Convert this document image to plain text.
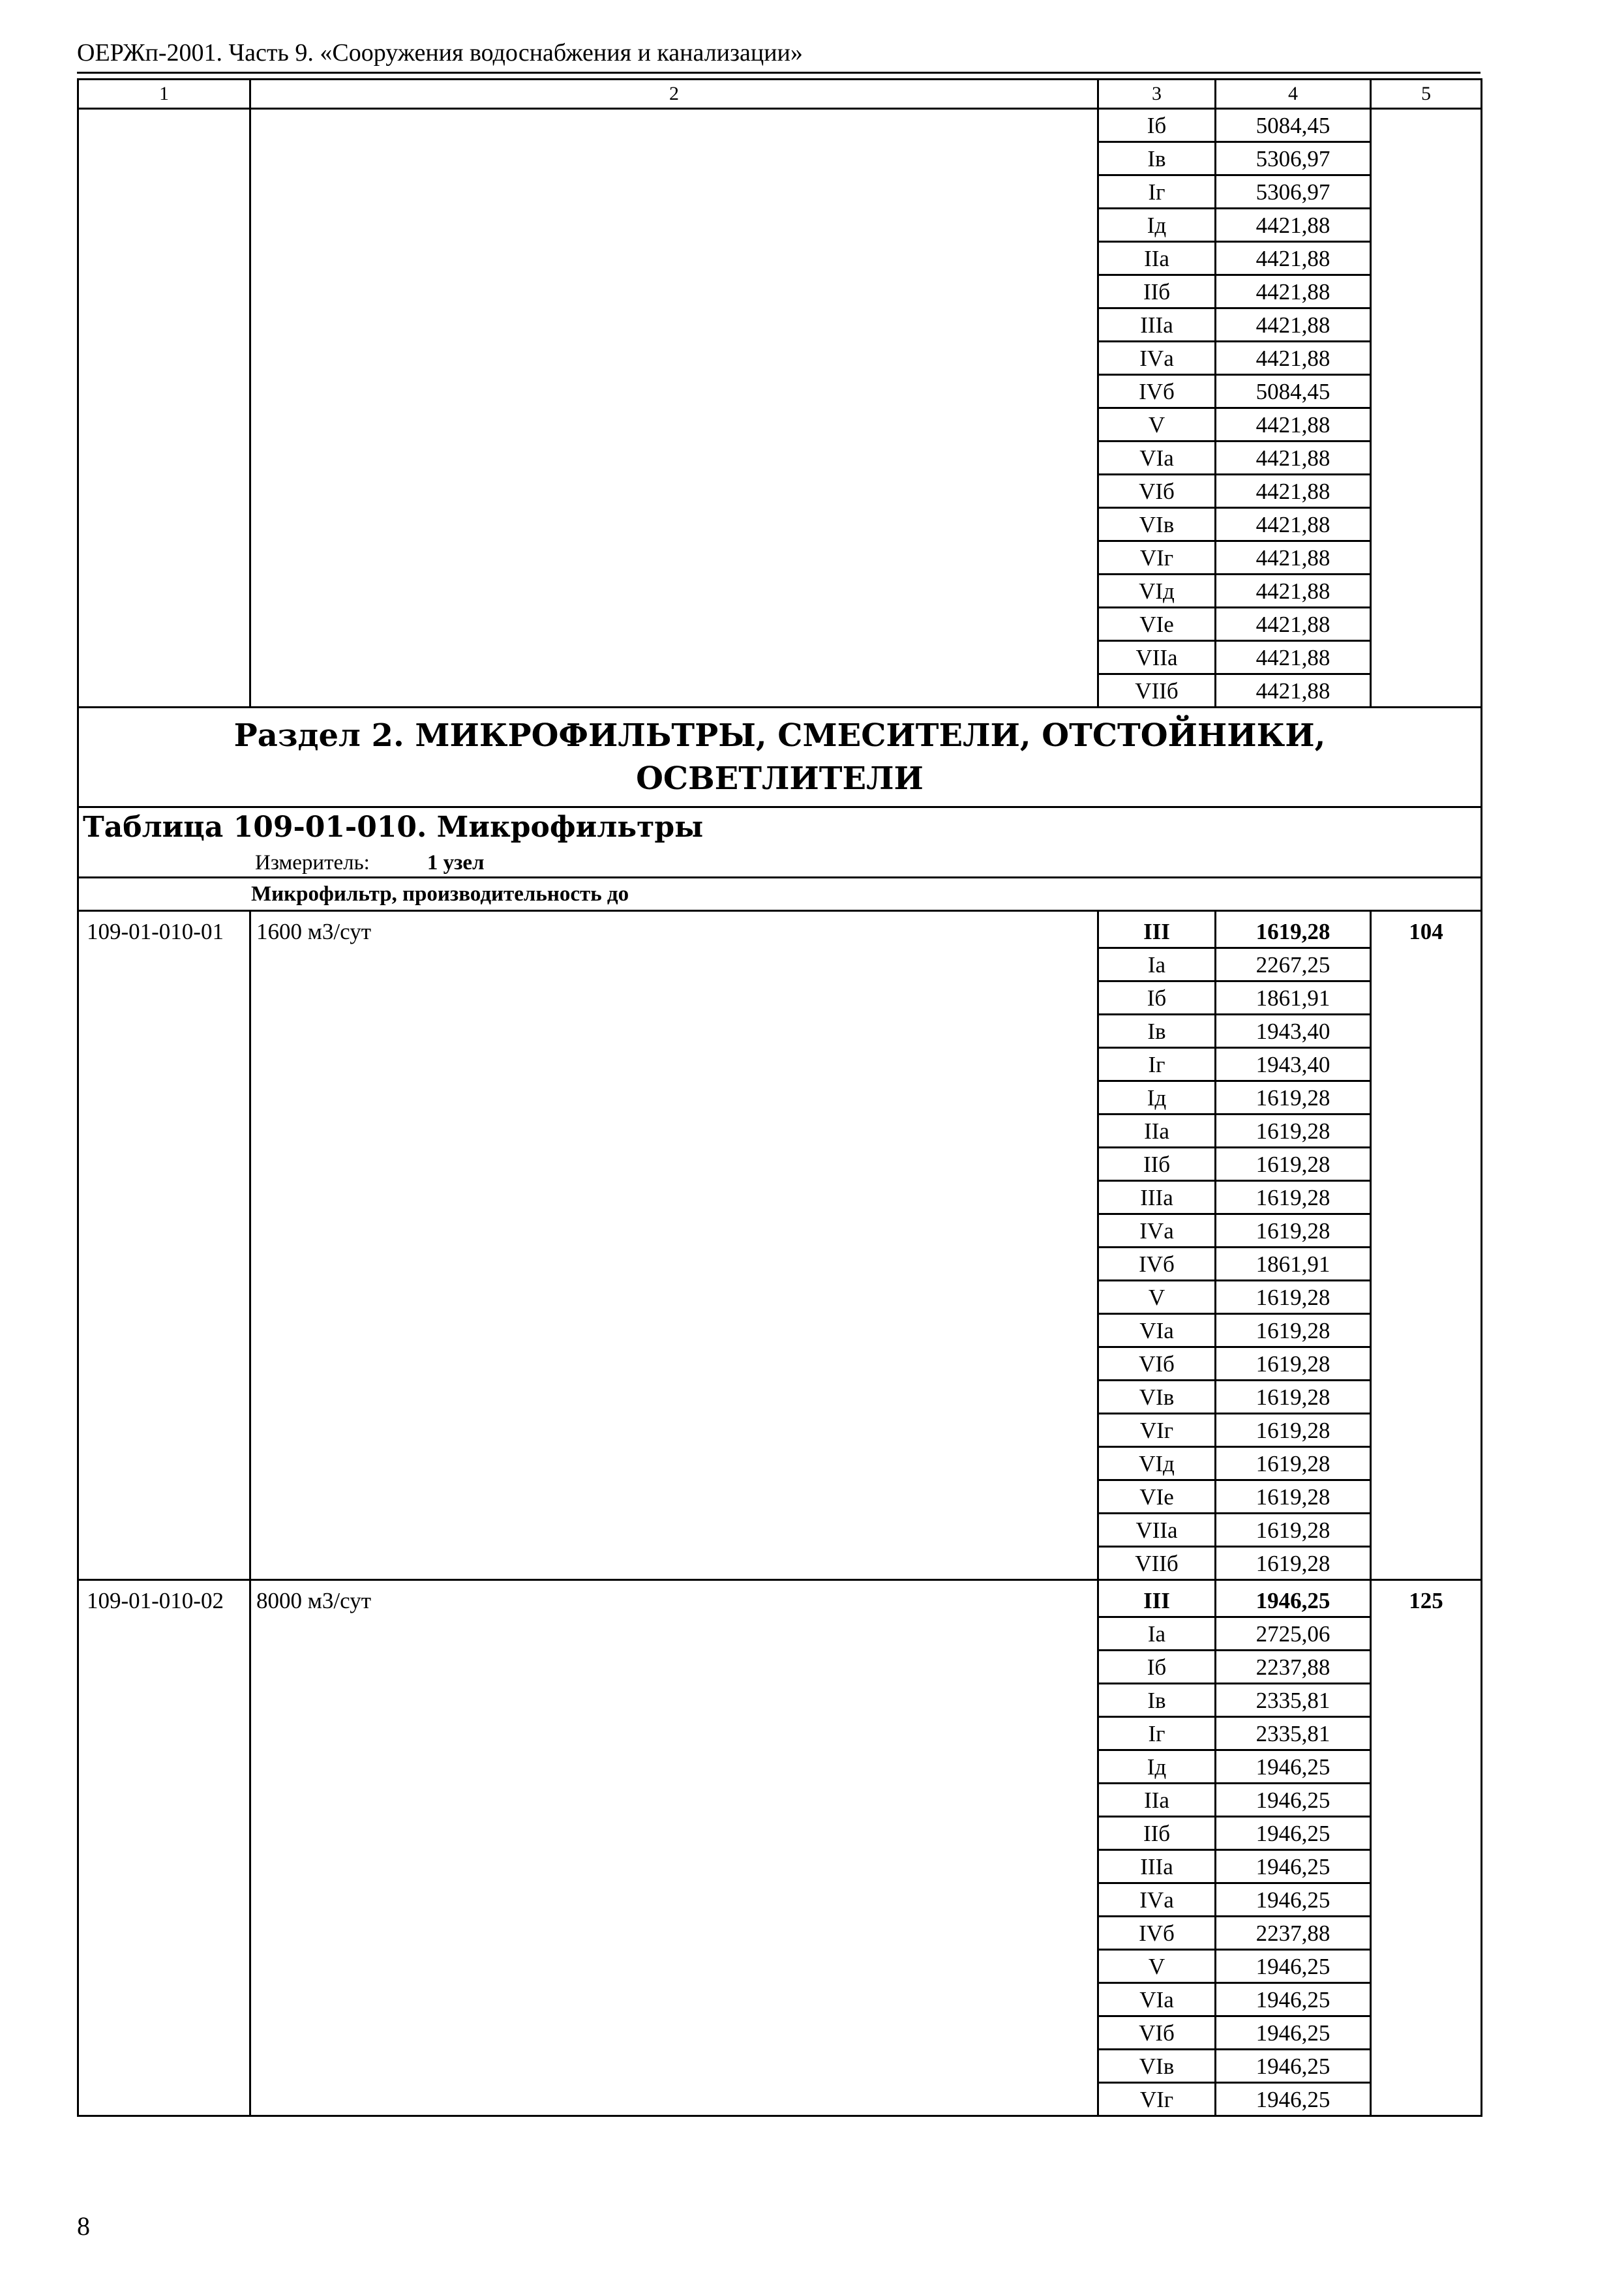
ОЕРЖп-2001. Часть 9. «Сооружения водоснабжения и канализации»
1	2	3	4	5
		Iб	5084,45	
		Iв	5306,97	
		Iг	5306,97	
		Iд	4421,88	
		IIа	4421,88	
		IIб	4421,88	
		IIIа	4421,88	
		IVа	4421,88	
		IVб	5084,45	
		V	4421,88	
		VIа	4421,88	
		VIб	4421,88	
		VIв	4421,88	
		VIг	4421,88	
		VIд	4421,88	
		VIе	4421,88	
		VIIа	4421,88	
		VIIб	4421,88	

Раздел 2. МИКРОФИЛЬТРЫ, СМЕСИТЕЛИ, ОТСТОЙНИКИ,
ОСВЕТЛИТЕЛИ				

Таблица 109-01-010. Микрофильтры
Измеритель: 1 узел				

Микрофильтр, производительность до				
109-01-010-01	1600 м3/сут	III	1619,28	104
		Iа	2267,25	
		Iб	1861,91	
		Iв	1943,40	
		Iг	1943,40	
		Iд	1619,28	
		IIа	1619,28	
		IIб	1619,28	
		IIIа	1619,28	
		IVа	1619,28	
		IVб	1861,91	
		V	1619,28	
		VIа	1619,28	
		VIб	1619,28	
		VIв	1619,28	
		VIг	1619,28	
		VIд	1619,28	
		VIе	1619,28	
		VIIа	1619,28	
		VIIб	1619,28	
109-01-010-02	8000 м3/сут	III	1946,25	125
		Iа	2725,06	
		Iб	2237,88	
		Iв	2335,81	
		Iг	2335,81	
		Iд	1946,25	
		IIа	1946,25	
		IIб	1946,25	
		IIIа	1946,25	
		IVа	1946,25	
		IVб	2237,88	
		V	1946,25	
		VIа	1946,25	
		VIб	1946,25	
		VIв	1946,25	
		VIг	1946,25	
8
